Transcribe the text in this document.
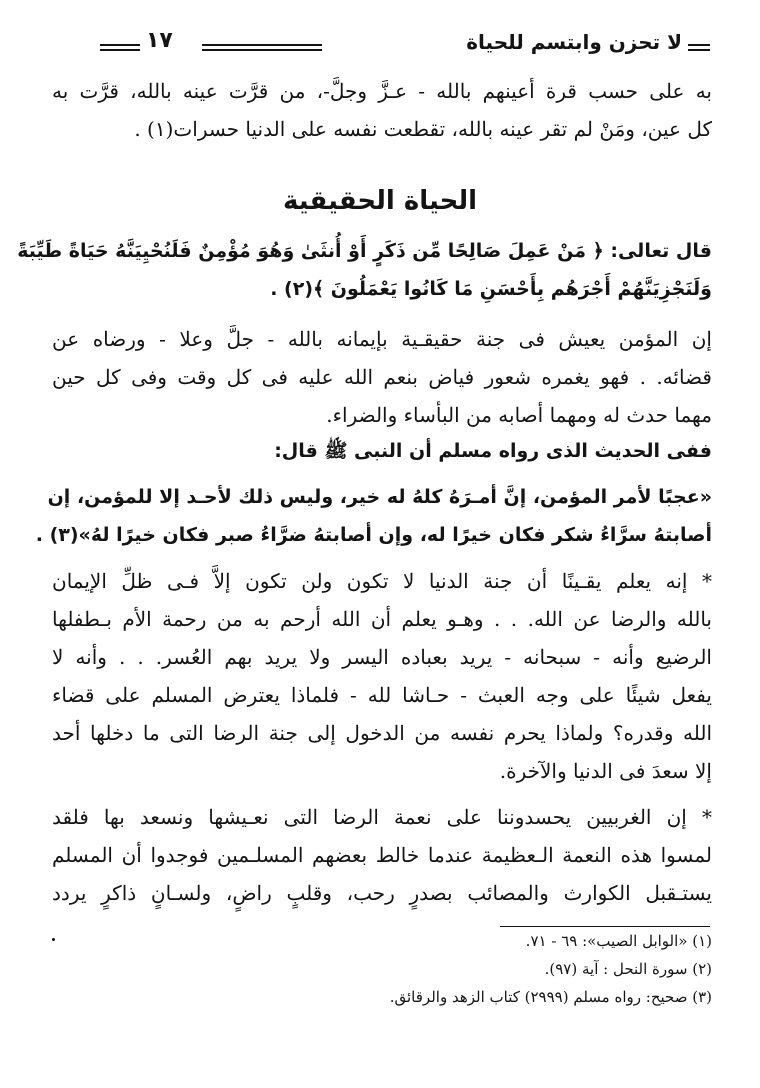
لا تحزن وابتسم للحياة
١٧
به على حسب قرة أعينهم بالله - عـزَّ وجلَّ-، من قرَّت عينه بالله، قرَّت به
كل عين، ومَنْ لم تقر عينه بالله، تقطعت نفسه على الدنيا حسرات(١) .
الحياة الحقيقية
قال تعالى: ﴿ مَنْ عَمِلَ صَالِحًا مِّن ذَكَرٍ أَوْ أُنثَىٰ وَهُوَ مُؤْمِنٌ فَلَنُحْيِيَنَّهُ حَيَاةً طَيِّبَةً
وَلَنَجْزِيَنَّهُمْ أَجْرَهُم بِأَحْسَنِ مَا كَانُوا يَعْمَلُونَ ﴾(٢) .
إن المؤمن يعيش فى جنة حقيقـية بإيمانه بالله - جلَّ وعلا - ورضاه عن
قضائه. . فهو يغمره شعور فياض بنعم الله عليه فى كل وقت وفى كل حين
مهما حدث له ومهما أصابه من البأساء والضراء.
ففى الحديث الذى رواه مسلم أن النبى ﷺ قال:
«عجبًا لأمر المؤمن، إنَّ أمـرَهُ كلهُ له خير، وليس ذلك لأحـد إلا للمؤمن، إن
أصابتهُ سرَّاءُ شكر فكان خيرًا له، وإن أصابتهُ ضرَّاءُ صبر فكان خيرًا لهُ»(٣) .
* إنه يعلم يقـينًا أن جنة الدنيا لا تكون ولن تكون إلاَّ فـى ظلِّ الإيمان
بالله والرضا عن الله. . . وهـو يعلم أن الله أرحم به من رحمة الأم بـطفلها
الرضيع وأنه - سبحانه - يريد بعباده اليسر ولا يريد بهم العُسر. . . وأنه لا
يفعل شيئًا على وجه العبث - حـاشا لله - فلماذا يعترض المسلم على قضاء
الله وقدره؟ ولماذا يحرم نفسه من الدخول إلى جنة الرضا التى ما دخلها أحد
إلا سعدَ فى الدنيا والآخرة.
* إن الغربيين يحسدوننا على نعمة الرضا التى نعـيشها ونسعد بها فلقد
لمسوا هذه النعمة الـعظيمة عندما خالط بعضهم المسلـمين فوجدوا أن المسلم
يستـقبل الكوارث والمصائب بصدرٍ رحب، وقلبٍ راضٍ، ولسـانٍ ذاكرٍ يردد
(١) «الوابل الصيب»: ٦٩ - ٧١.
(٢) سورة النحل : آية (٩٧).
(٣) صحيح: رواه مسلم (٢٩٩٩) كتاب الزهد والرقائق.
